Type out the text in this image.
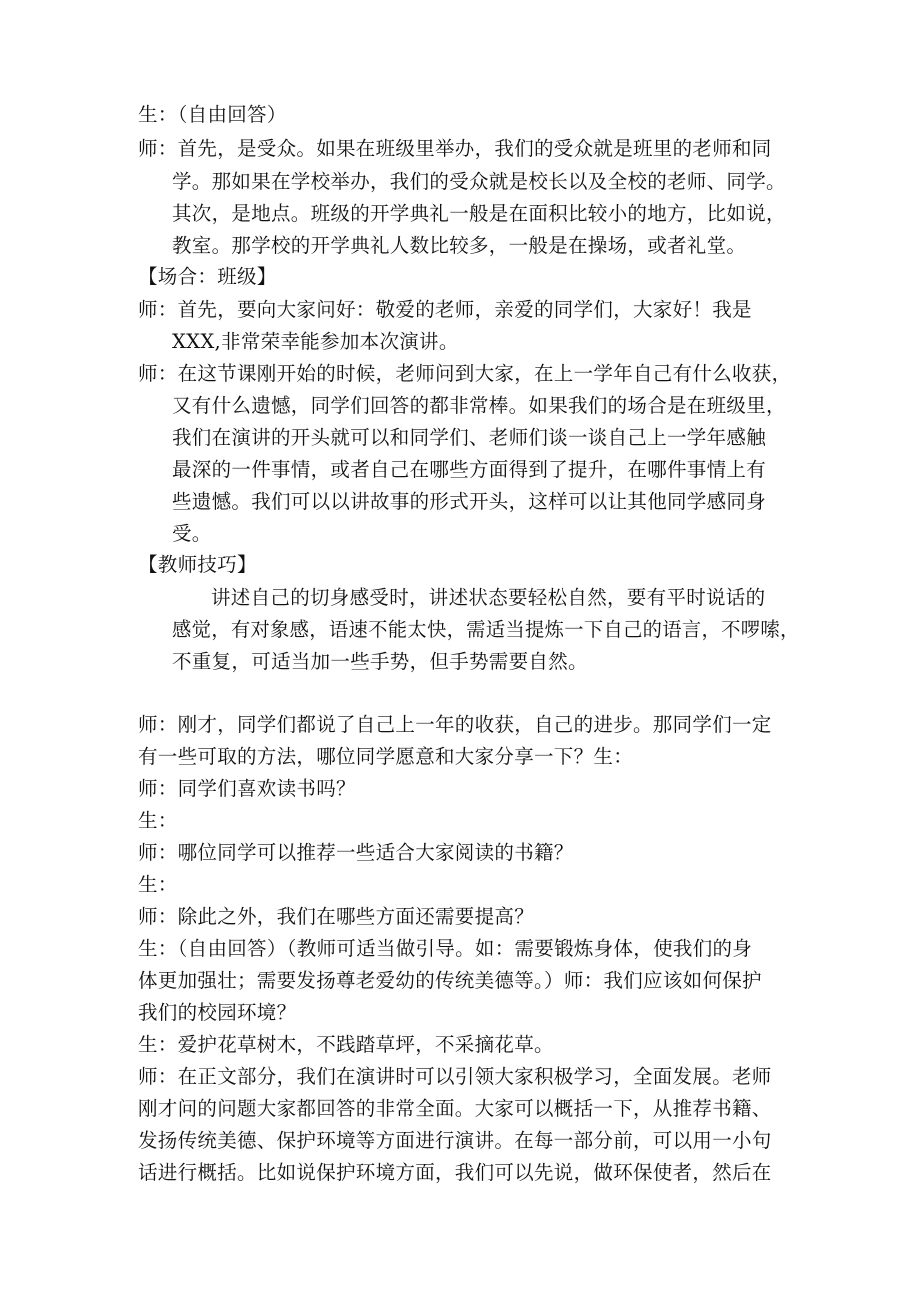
生：（自由回答）
师：首先，是受众。如果在班级里举办，我们的受众就是班里的老师和同
学。那如果在学校举办，我们的受众就是校长以及全校的老师、同学。
其次，是地点。班级的开学典礼一般是在面积比较小的地方，比如说，
教室。那学校的开学典礼人数比较多，一般是在操场，或者礼堂。
【场合：班级】
师：首先，要向大家问好：敬爱的老师，亲爱的同学们，大家好！我是
XXX,非常荣幸能参加本次演讲。
师：在这节课刚开始的时候，老师问到大家，在上一学年自己有什么收获，
又有什么遗憾，同学们回答的都非常棒。如果我们的场合是在班级里，
我们在演讲的开头就可以和同学们、老师们谈一谈自己上一学年感触
最深的一件事情，或者自己在哪些方面得到了提升，在哪件事情上有
些遗憾。我们可以以讲故事的形式开头，这样可以让其他同学感同身
受。
【教师技巧】
讲述自己的切身感受时，讲述状态要轻松自然，要有平时说话的
感觉，有对象感，语速不能太快，需适当提炼一下自己的语言，不啰嗦，
不重复，可适当加一些手势，但手势需要自然。
师：刚才，同学们都说了自己上一年的收获，自己的进步。那同学们一定
有一些可取的方法，哪位同学愿意和大家分享一下？生：
师：同学们喜欢读书吗？
生：
师：哪位同学可以推荐一些适合大家阅读的书籍？
生：
师：除此之外，我们在哪些方面还需要提高？
生：（自由回答）（教师可适当做引导。如：需要锻炼身体，使我们的身
体更加强壮；需要发扬尊老爱幼的传统美德等。）师：我们应该如何保护
我们的校园环境？
生：爱护花草树木，不践踏草坪，不采摘花草。
师：在正文部分，我们在演讲时可以引领大家积极学习，全面发展。老师
刚才问的问题大家都回答的非常全面。大家可以概括一下，从推荐书籍、
发扬传统美德、保护环境等方面进行演讲。在每一部分前，可以用一小句
话进行概括。比如说保护环境方面，我们可以先说，做环保使者，然后在
